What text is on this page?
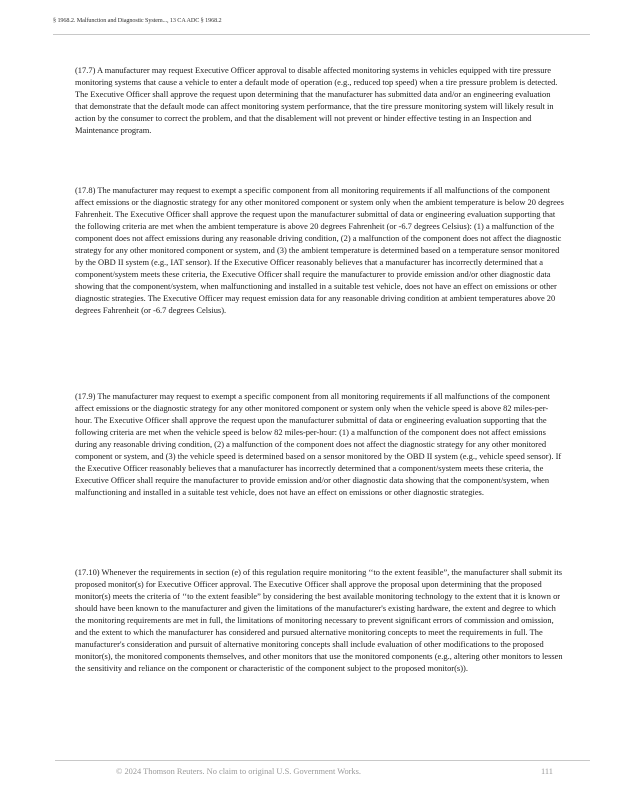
§ 1968.2. Malfunction and Diagnostic System..., 13 CA ADC § 1968.2

(17.7) A manufacturer may request Executive Officer approval to disable affected monitoring systems in vehicles equipped with tire pressure monitoring systems that cause a vehicle to enter a default mode of operation (e.g., reduced top speed) when a tire pressure problem is detected. The Executive Officer shall approve the request upon determining that the manufacturer has submitted data and/or an engineering evaluation that demonstrate that the default mode can affect monitoring system performance, that the tire pressure monitoring system will likely result in action by the consumer to correct the problem, and that the disablement will not prevent or hinder effective testing in an Inspection and Maintenance program.

(17.8) The manufacturer may request to exempt a specific component from all monitoring requirements if all malfunctions of the component affect emissions or the diagnostic strategy for any other monitored component or system only when the ambient temperature is below 20 degrees Fahrenheit. The Executive Officer shall approve the request upon the manufacturer submittal of data or engineering evaluation supporting that the following criteria are met when the ambient temperature is above 20 degrees Fahrenheit (or -6.7 degrees Celsius): (1) a malfunction of the component does not affect emissions during any reasonable driving condition, (2) a malfunction of the component does not affect the diagnostic strategy for any other monitored component or system, and (3) the ambient temperature is determined based on a temperature sensor monitored by the OBD II system (e.g., IAT sensor). If the Executive Officer reasonably believes that a manufacturer has incorrectly determined that a component/system meets these criteria, the Executive Officer shall require the manufacturer to provide emission and/or other diagnostic data showing that the component/system, when malfunctioning and installed in a suitable test vehicle, does not have an effect on emissions or other diagnostic strategies. The Executive Officer may request emission data for any reasonable driving condition at ambient temperatures above 20 degrees Fahrenheit (or -6.7 degrees Celsius).

(17.9) The manufacturer may request to exempt a specific component from all monitoring requirements if all malfunctions of the component affect emissions or the diagnostic strategy for any other monitored component or system only when the vehicle speed is above 82 miles-per-hour. The Executive Officer shall approve the request upon the manufacturer submittal of data or engineering evaluation supporting that the following criteria are met when the vehicle speed is below 82 miles-per-hour: (1) a malfunction of the component does not affect emissions during any reasonable driving condition, (2) a malfunction of the component does not affect the diagnostic strategy for any other monitored component or system, and (3) the vehicle speed is determined based on a sensor monitored by the OBD II system (e.g., vehicle speed sensor). If the Executive Officer reasonably believes that a manufacturer has incorrectly determined that a component/system meets these criteria, the Executive Officer shall require the manufacturer to provide emission and/or other diagnostic data showing that the component/system, when malfunctioning and installed in a suitable test vehicle, does not have an effect on emissions or other diagnostic strategies.

(17.10) Whenever the requirements in section (e) of this regulation require monitoring ‘‘to the extent feasible”, the manufacturer shall submit its proposed monitor(s) for Executive Officer approval. The Executive Officer shall approve the proposal upon determining that the proposed monitor(s) meets the criteria of ‘‘to the extent feasible” by considering the best available monitoring technology to the extent that it is known or should have been known to the manufacturer and given the limitations of the manufacturer's existing hardware, the extent and degree to which the monitoring requirements are met in full, the limitations of monitoring necessary to prevent significant errors of commission and omission, and the extent to which the manufacturer has considered and pursued alternative monitoring concepts to meet the requirements in full. The manufacturer's consideration and pursuit of alternative monitoring concepts shall include evaluation of other modifications to the proposed monitor(s), the monitored components themselves, and other monitors that use the monitored components (e.g., altering other monitors to lessen the sensitivity and reliance on the component or characteristic of the component subject to the proposed monitor(s)).

© 2024 Thomson Reuters. No claim to original U.S. Government Works.	111
